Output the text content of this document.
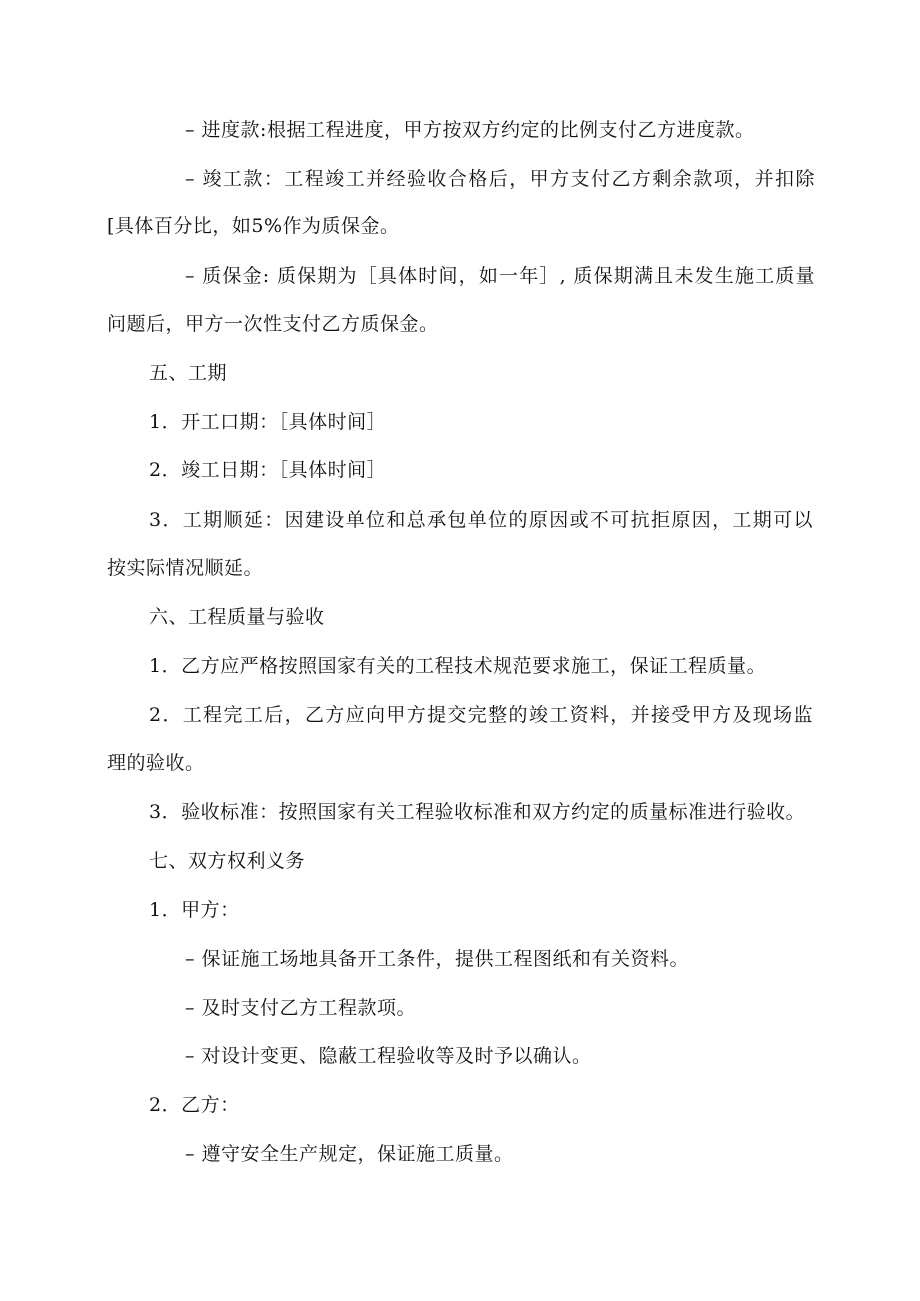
– 进度款:根据工程进度，甲方按双方约定的比例支付乙方进度款。
– 竣工款：工程竣工并经验收合格后，甲方支付乙方剩余款项，并扣除
[具体百分比，如5%作为质保金。
– 质保金: 质保期为［具体时间，如一年］, 质保期满且未发生施工质量
问题后，甲方一次性支付乙方质保金。
五、工期
1．开工口期：［具体时间］
2．竣工日期：［具体时间］
3．工期顺延：因建设单位和总承包单位的原因或不可抗拒原因，工期可以
按实际情况顺延。
六、工程质量与验收
1．乙方应严格按照国家有关的工程技术规范要求施工，保证工程质量。
2．工程完工后，乙方应向甲方提交完整的竣工资料，并接受甲方及现场监
理的验收。
3．验收标准：按照国家有关工程验收标准和双方约定的质量标准进行验收。
七、双方权利义务
1．甲方：
– 保证施工场地具备开工条件，提供工程图纸和有关资料。
– 及时支付乙方工程款项。
– 对设计变更、隐蔽工程验收等及时予以确认。
2．乙方：
– 遵守安全生产规定，保证施工质量。
